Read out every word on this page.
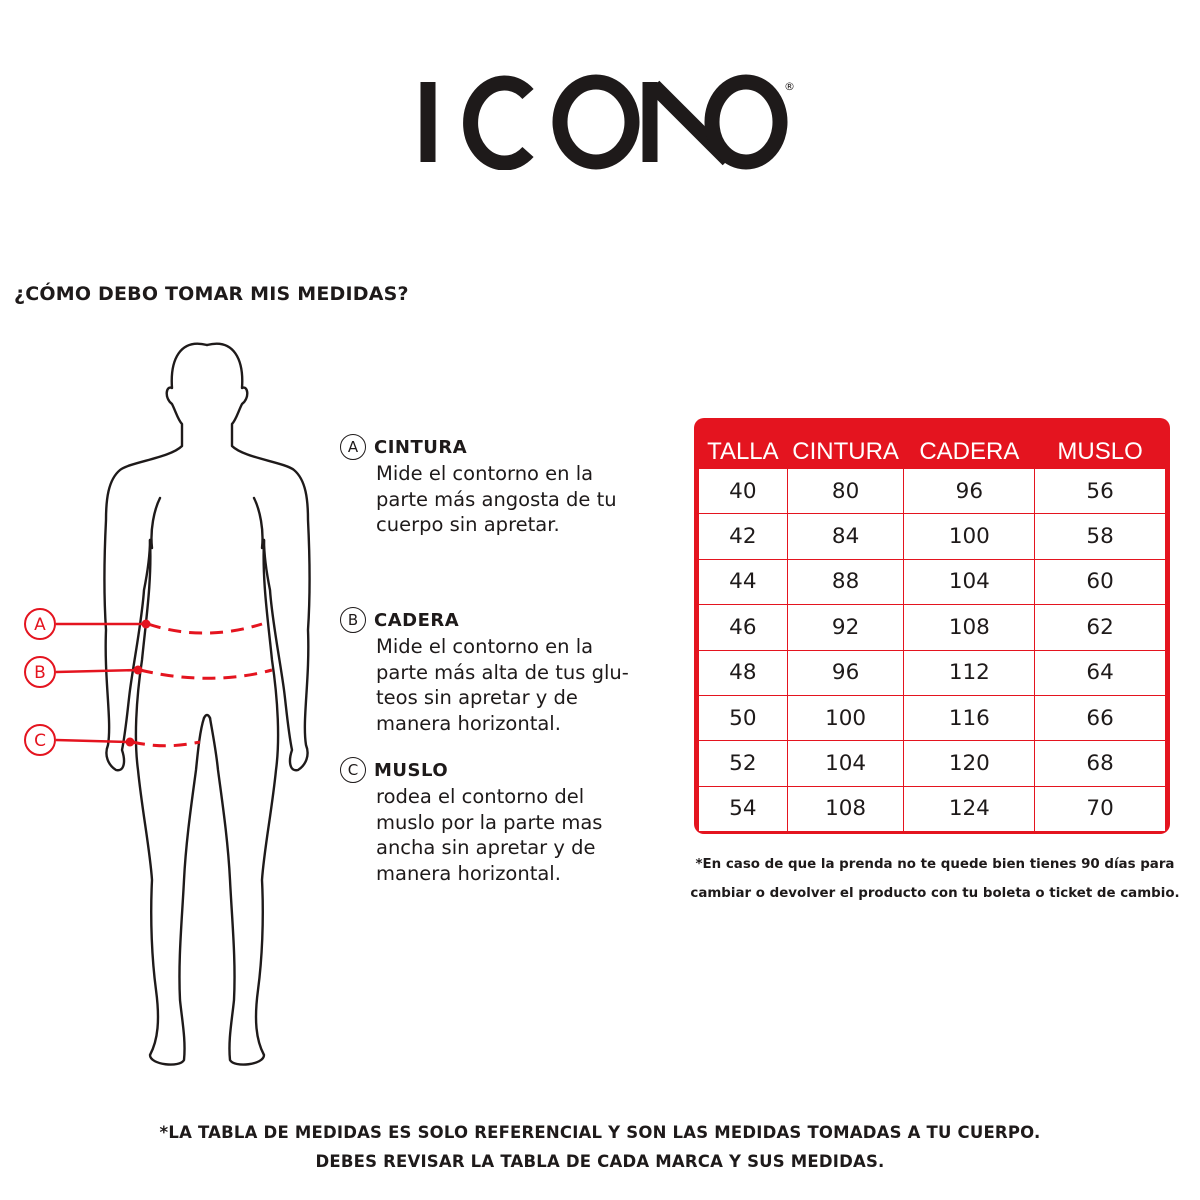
®
¿CÓMO DEBO TOMAR MIS MEDIDAS?
A
B
C
A CINTURA
Mide el contorno en la
parte más angosta de tu
cuerpo sin apretar.
B CADERA
Mide el contorno en la
parte más alta de tus glu-
teos sin apretar y de
manera horizontal.
C MUSLO
rodea el contorno del
muslo por la parte mas
ancha sin apretar y de
manera horizontal.
TALLA	CINTURA	CADERA	MUSLO
40	80	96	56
42	84	100	58
44	88	104	60
46	92	108	62
48	96	112	64
50	100	116	66
52	104	120	68
54	108	124	70
*En caso de que la prenda no te quede bien tienes 90 días para
cambiar o devolver el producto con tu boleta o ticket de cambio.
*LA TABLA DE MEDIDAS ES SOLO REFERENCIAL Y SON LAS MEDIDAS TOMADAS A TU CUERPO.
DEBES REVISAR LA TABLA DE CADA MARCA Y SUS MEDIDAS.
